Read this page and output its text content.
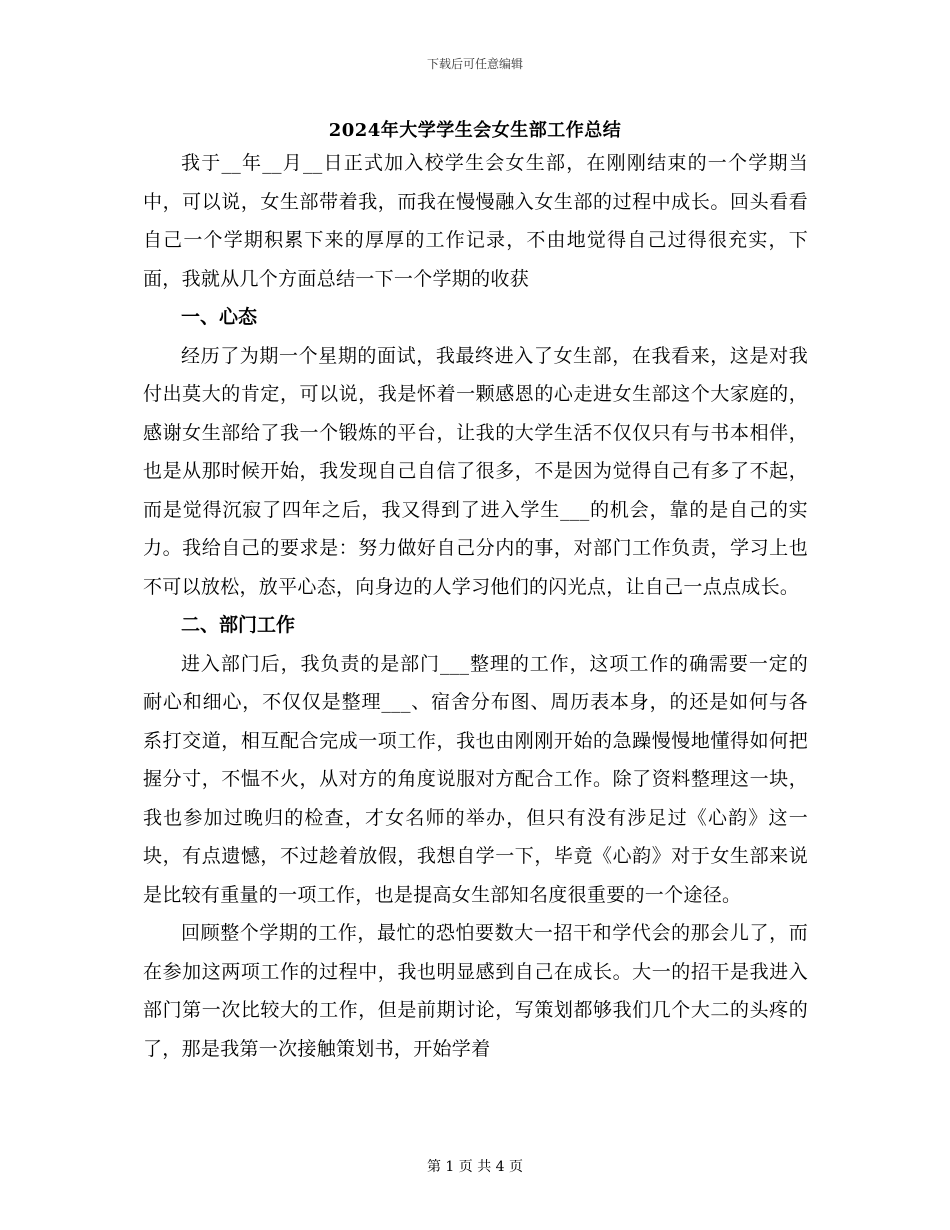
下载后可任意编辑
2024年大学学生会女生部工作总结

我于__年__月__日正式加入校学生会女生部，在刚刚结束的一个学期当中，可以说，女生部带着我，而我在慢慢融入女生部的过程中成长。回头看看自己一个学期积累下来的厚厚的工作记录，不由地觉得自己过得很充实，下面，我就从几个方面总结一下一个学期的收获

一、心态

经历了为期一个星期的面试，我最终进入了女生部，在我看来，这是对我付出莫大的肯定，可以说，我是怀着一颗感恩的心走进女生部这个大家庭的，感谢女生部给了我一个锻炼的平台，让我的大学生活不仅仅只有与书本相伴，也是从那时候开始，我发现自己自信了很多，不是因为觉得自己有多了不起，而是觉得沉寂了四年之后，我又得到了进入学生___的机会，靠的是自己的实力。我给自己的要求是：努力做好自己分内的事，对部门工作负责，学习上也不可以放松，放平心态，向身边的人学习他们的闪光点，让自己一点点成长。

二、部门工作

进入部门后，我负责的是部门___整理的工作，这项工作的确需要一定的耐心和细心，不仅仅是整理___、宿舍分布图、周历表本身，的还是如何与各系打交道，相互配合完成一项工作，我也由刚刚开始的急躁慢慢地懂得如何把握分寸，不愠不火，从对方的角度说服对方配合工作。除了资料整理这一块，我也参加过晚归的检查，才女名师的举办，但只有没有涉足过《心韵》这一块，有点遗憾，不过趁着放假，我想自学一下，毕竟《心韵》对于女生部来说是比较有重量的一项工作，也是提高女生部知名度很重要的一个途径。

回顾整个学期的工作，最忙的恐怕要数大一招干和学代会的那会儿了，而在参加这两项工作的过程中，我也明显感到自己在成长。大一的招干是我进入部门第一次比较大的工作，但是前期讨论，写策划都够我们几个大二的头疼的了，那是我第一次接触策划书，开始学着

第 1 页 共 4 页
